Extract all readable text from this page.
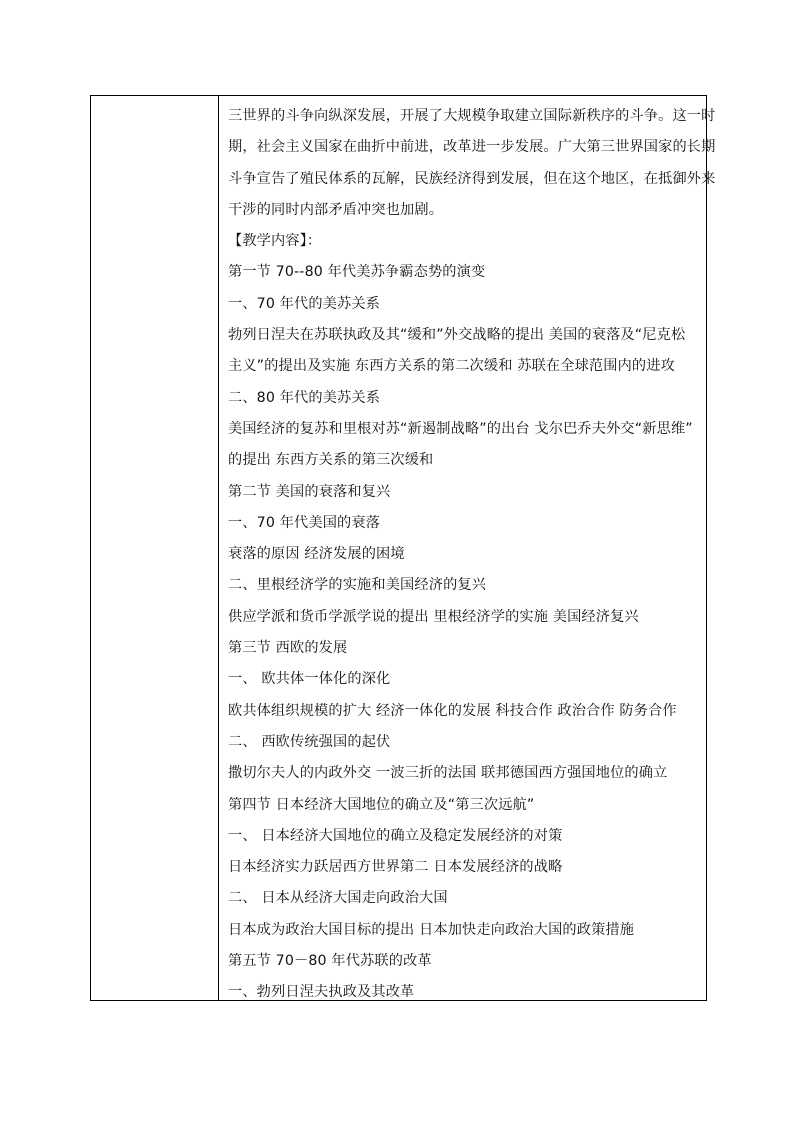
三世界的斗争向纵深发展，开展了大规模争取建立国际新秩序的斗争。这一时
期，社会主义国家在曲折中前进，改革进一步发展。广大第三世界国家的长期
斗争宣告了殖民体系的瓦解，民族经济得到发展，但在这个地区，在抵御外来
干涉的同时内部矛盾冲突也加剧。
【教学内容】：
第一节 70--80 年代美苏争霸态势的演变
一、70 年代的美苏关系
勃列日涅夫在苏联执政及其“缓和”外交战略的提出 美国的衰落及“尼克松
主义”的提出及实施 东西方关系的第二次缓和 苏联在全球范围内的进攻
二、80 年代的美苏关系
美国经济的复苏和里根对苏“新遏制战略”的出台 戈尔巴乔夫外交“新思维”
的提出 东西方关系的第三次缓和
第二节 美国的衰落和复兴
一、70 年代美国的衰落
衰落的原因 经济发展的困境
二、里根经济学的实施和美国经济的复兴
供应学派和货币学派学说的提出 里根经济学的实施 美国经济复兴
第三节 西欧的发展
一、 欧共体一体化的深化
欧共体组织规模的扩大 经济一体化的发展 科技合作 政治合作 防务合作
二、 西欧传统强国的起伏
撒切尔夫人的内政外交 一波三折的法国 联邦德国西方强国地位的确立
第四节 日本经济大国地位的确立及“第三次远航”
一、 日本经济大国地位的确立及稳定发展经济的对策
日本经济实力跃居西方世界第二 日本发展经济的战略
二、 日本从经济大国走向政治大国
日本成为政治大国目标的提出 日本加快走向政治大国的政策措施
第五节 70－80 年代苏联的改革
一、勃列日涅夫执政及其改革
